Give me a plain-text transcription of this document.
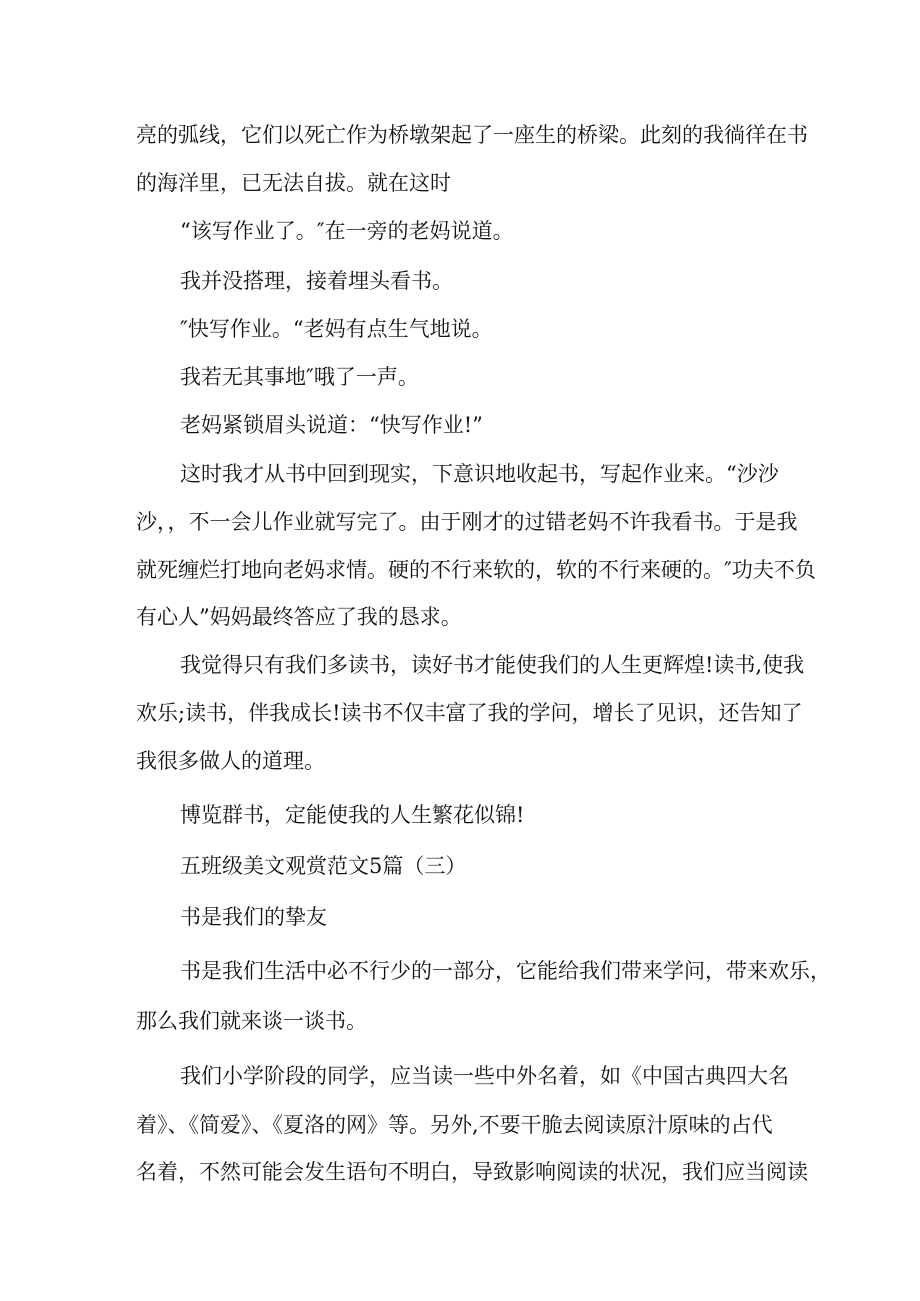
亮的弧线，它们以死亡作为桥墩架起了一座生的桥梁。此刻的我徜徉在书
的海洋里，已无法自拔。就在这时
“该写作业了。″在一旁的老妈说道。
我并没搭理，接着埋头看书。
″快写作业。“老妈有点生气地说。
我若无其事地″哦了一声。
老妈紧锁眉头说道：“快写作业!”
这时我才从书中回到现实，下意识地收起书，写起作业来。“沙沙
沙，，不一会儿作业就写完了。由于刚才的过错老妈不许我看书。于是我
就死缠烂打地向老妈求情。硬的不行来软的，软的不行来硬的。″功夫不负
有心人”妈妈最终答应了我的恳求。
我觉得只有我们多读书，读好书才能使我们的人生更辉煌!读书,使我
欢乐;读书，伴我成长!读书不仅丰富了我的学问，增长了见识，还告知了
我很多做人的道理。
博览群书，定能使我的人生繁花似锦!
五班级美文观赏范文5篇（三）
书是我们的挚友
书是我们生活中必不行少的一部分，它能给我们带来学问，带来欢乐，
那么我们就来谈一谈书。
我们小学阶段的同学，应当读一些中外名着，如《中国古典四大名
着》、《简爱》、《夏洛的网》等。另外,不要干脆去阅读原汁原味的占代
名着，不然可能会发生语句不明白，导致影响阅读的状况，我们应当阅读
